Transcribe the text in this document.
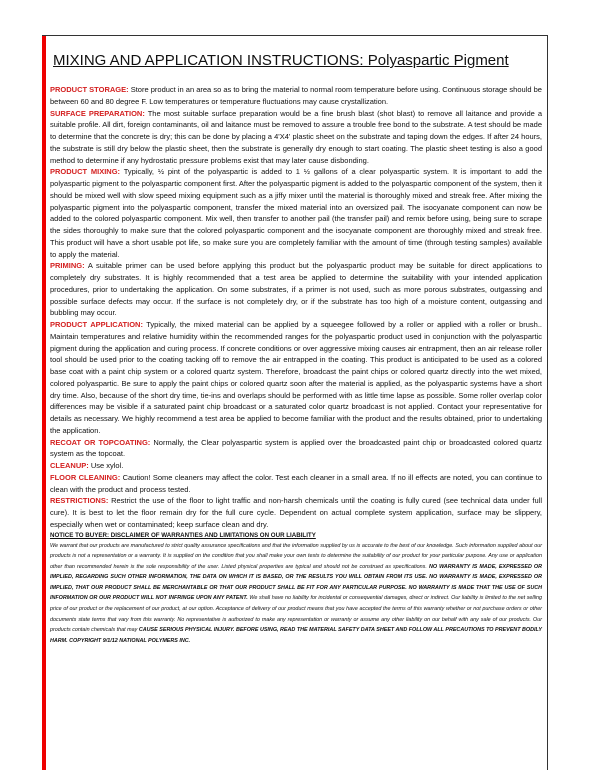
MIXING AND APPLICATION INSTRUCTIONS: Polyaspartic Pigment

PRODUCT STORAGE: Store product in an area so as to bring the material to normal room temperature before using. Continuous storage should be between 60 and 80 degree F. Low temperatures or temperature fluctuations may cause crystallization.

SURFACE PREPARATION: The most suitable surface preparation would be a fine brush blast (shot blast) to remove all laitance and provide a suitable profile. All dirt, foreign contaminants, oil and laitance must be removed to assure a trouble free bond to the substrate. A test should be made to determine that the concrete is dry; this can be done by placing a 4'X4' plastic sheet on the substrate and taping down the edges. If after 24 hours, the substrate is still dry below the plastic sheet, then the substrate is generally dry enough to start coating. The plastic sheet testing is also a good method to determine if any hydrostatic pressure problems exist that may later cause disbonding.

PRODUCT MIXING: Typically, ½ pint of the polyaspartic is added to 1 ½ gallons of a clear polyaspartic system. It is important to add the polyaspartic pigment to the polyaspartic component first. After the polyaspartic pigment is added to the polyaspartic component of the system, then it should be mixed well with slow speed mixing equipment such as a jiffy mixer until the material is thoroughly mixed and streak free. After mixing the polyaspartic pigment into the polyaspartic component, transfer the mixed material into an oversized pail. The isocyanate component can now be added to the colored polyaspartic component. Mix well, then transfer to another pail (the transfer pail) and remix before using, being sure to scrape the sides thoroughly to make sure that the colored polyaspartic component and the isocyanate component are thoroughly mixed and streak free. This product will have a short usable pot life, so make sure you are completely familiar with the amount of time (through testing samples) available to apply the material.

PRIMING: A suitable primer can be used before applying this product but the polyaspartic product may be suitable for direct applications to completely dry substrates. It is highly recommended that a test area be applied to determine the suitability with your intended application procedures, prior to undertaking the application. On some substrates, if a primer is not used, such as more porous substrates, outgassing and possible surface defects may occur. If the surface is not completely dry, or if the substrate has too high of a moisture content, outgassing and bubbling may occur.

PRODUCT APPLICATION: Typically, the mixed material can be applied by a squeegee followed by a roller or applied with a roller or brush.. Maintain temperatures and relative humidity within the recommended ranges for the polyaspartic product used in conjunction with the polyaspartic pigment during the application and curing process. If concrete conditions or over aggressive mixing causes air entrapment, then an air release roller tool should be used prior to the coating tacking off to remove the air entrapped in the coating. This product is anticipated to be used as a colored base coat with a paint chip system or a colored quartz system. Therefore, broadcast the paint chips or colored quartz directly into the wet mixed, colored polyaspartic. Be sure to apply the paint chips or colored quartz soon after the material is applied, as the polyaspartic systems have a short dry time. Also, because of the short dry time, tie-ins and overlaps should be performed with as little time lapse as possible. Some roller overlap color differences may be visible if a saturated paint chip broadcast or a saturated color quartz broadcast is not applied. Contact your representative for details as necessary. We highly recommend a test area be applied to become familiar with the product and the results obtained, prior to undertaking the application.

RECOAT OR TOPCOATING: Normally, the Clear polyaspartic system is applied over the broadcasted paint chip or broadcasted colored quartz system as the topcoat.

CLEANUP: Use xylol.

FLOOR CLEANING: Caution! Some cleaners may affect the color. Test each cleaner in a small area. If no ill effects are noted, you can continue to clean with the product and process tested.

RESTRICTIONS: Restrict the use of the floor to light traffic and non-harsh chemicals until the coating is fully cured (see technical data under full cure). It is best to let the floor remain dry for the full cure cycle. Dependent on actual complete system application, surface may be slippery, especially when wet or contaminated; keep surface clean and dry.

NOTICE TO BUYER: DISCLAIMER OF WARRANTIES AND LIMITATIONS ON OUR LIABILITY

We warrant that our products are manufactured to strict quality assurance specifications and that the information supplied by us is accurate to the best of our knowledge. Such information supplied about our products is not a representation or a warranty. It is supplied on the condition that you shall make your own tests to determine the suitability of our product for your particular purpose. Any use or application other than recommended herein is the sole responsibility of the user. Listed physical properties are typical and should not be construed as specifications. NO WARRANTY IS MADE, EXPRESSED OR IMPLIED, REGARDING SUCH OTHER INFORMATION, THE DATA ON WHICH IT IS BASED, OR THE RESULTS YOU WILL OBTAIN FROM ITS USE. NO WARRANTY IS MADE, EXPRESSED OR IMPLIED, THAT OUR PRODUCT SHALL BE MERCHANTABLE OR THAT OUR PRODUCT SHALL BE FIT FOR ANY PARTICULAR PURPOSE. NO WARRANTY IS MADE THAT THE USE OF SUCH INFORMATION OR OUR PRODUCT WILL NOT INFRINGE UPON ANY PATENT. We shall have no liability for incidental or consequential damages, direct or indirect. Our liability is limited to the net selling price of our product or the replacement of our product, at our option. Acceptance of delivery of our product means that you have accepted the terms of this warranty whether or not purchase orders or other documents state terms that vary from this warranty. No representative is authorized to make any representation or warranty or assume any other liability on our behalf with any sale of our products. Our products contain chemicals that may CAUSE SERIOUS PHYSICAL INJURY. BEFORE USING, READ THE MATERIAL SAFETY DATA SHEET AND FOLLOW ALL PRECAUTIONS TO PREVENT BODILY HARM. COPYRIGHT 9/1/12 NATIONAL POLYMERS INC.
